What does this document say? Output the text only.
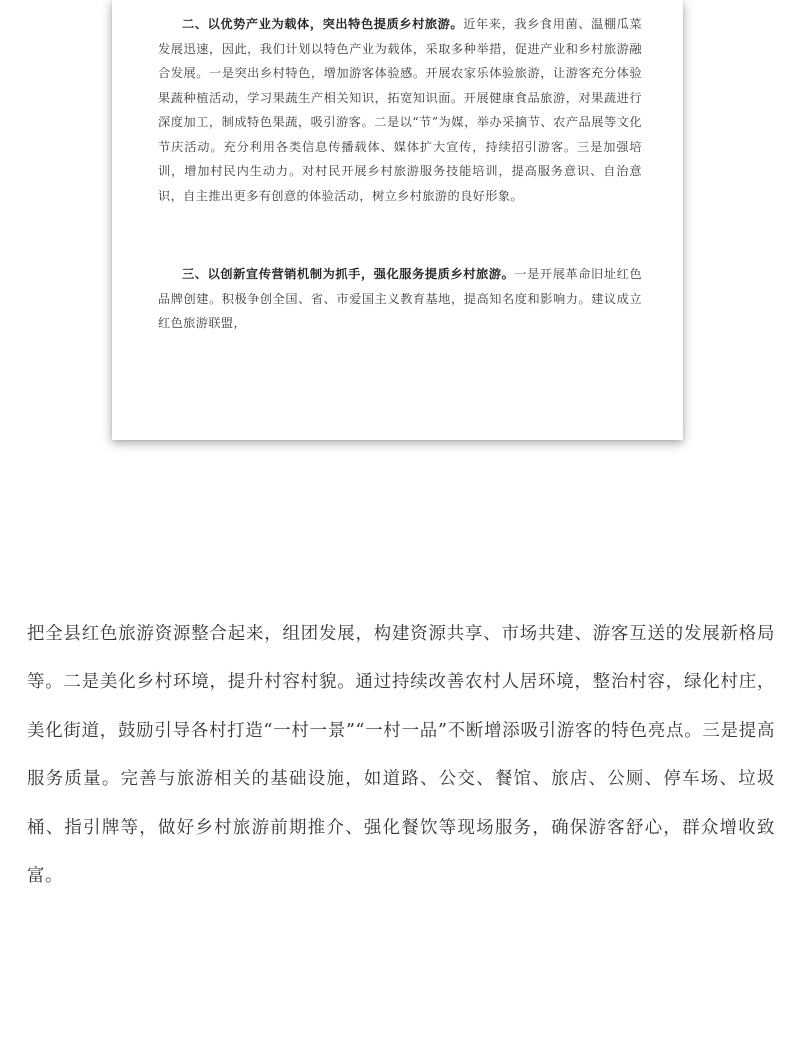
二、以优势产业为载体，突出特色提质乡村旅游。近年来，我乡食用菌、温棚瓜菜发展迅速，因此，我们计划以特色产业为载体，采取多种举措，促进产业和乡村旅游融合发展。一是突出乡村特色，增加游客体验感。开展农家乐体验旅游，让游客充分体验果蔬种植活动，学习果蔬生产相关知识，拓宽知识面。开展健康食品旅游，对果蔬进行深度加工，制成特色果蔬，吸引游客。二是以“节”为媒，举办采摘节、农产品展等文化节庆活动。充分利用各类信息传播载体、媒体扩大宣传，持续招引游客。三是加强培训，增加村民内生动力。对村民开展乡村旅游服务技能培训，提高服务意识、自治意识，自主推出更多有创意的体验活动，树立乡村旅游的良好形象。

三、以创新宣传营销机制为抓手，强化服务提质乡村旅游。一是开展革命旧址红色品牌创建。积极争创全国、省、市爱国主义教育基地，提高知名度和影响力。建议成立红色旅游联盟，

把全县红色旅游资源整合起来，组团发展，构建资源共享、市场共建、游客互送的发展新格局等。二是美化乡村环境，提升村容村貌。通过持续改善农村人居环境，整治村容，绿化村庄，美化街道，鼓励引导各村打造“一村一景”“一村一品”不断增添吸引游客的特色亮点。三是提高服务质量。完善与旅游相关的基础设施，如道路、公交、餐馆、旅店、公厕、停车场、垃圾桶、指引牌等，做好乡村旅游前期推介、强化餐饮等现场服务，确保游客舒心，群众增收致富。
